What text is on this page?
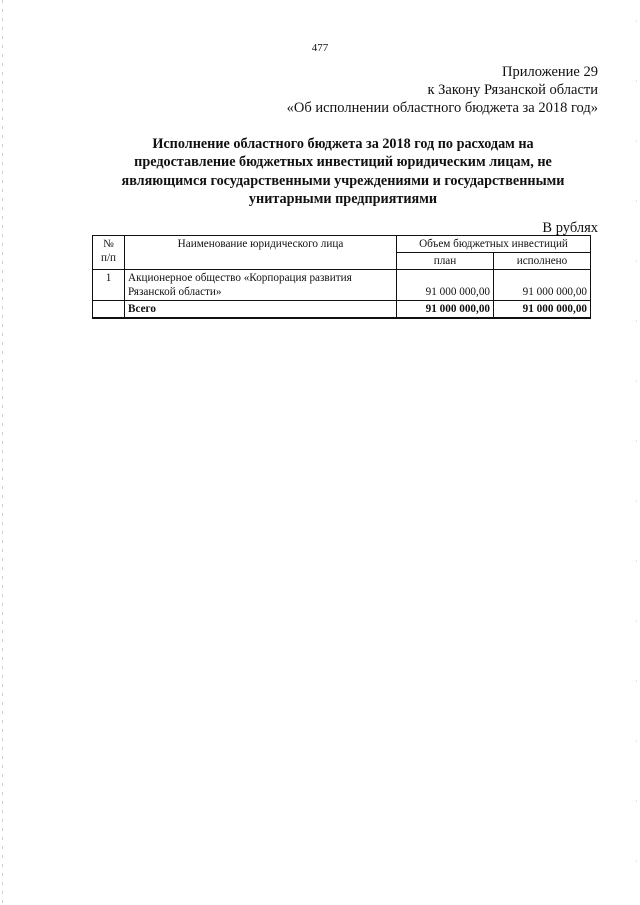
477
Приложение 29
к Закону Рязанской области
«Об исполнении областного бюджета за 2018 год»
Исполнение областного бюджета за 2018 год по расходам на
предоставление бюджетных инвестиций юридическим лицам, не
являющимся государственными учреждениями и государственными
унитарными предприятиями
В рублях
№
п/п	Наименование юридического лица	Объем бюджетных инвестиций	
		план	исполнено
1	Акционерное общество «Корпорация развития Рязанской области»	91 000 000,00	91 000 000,00
	Всего	91 000 000,00	91 000 000,00
